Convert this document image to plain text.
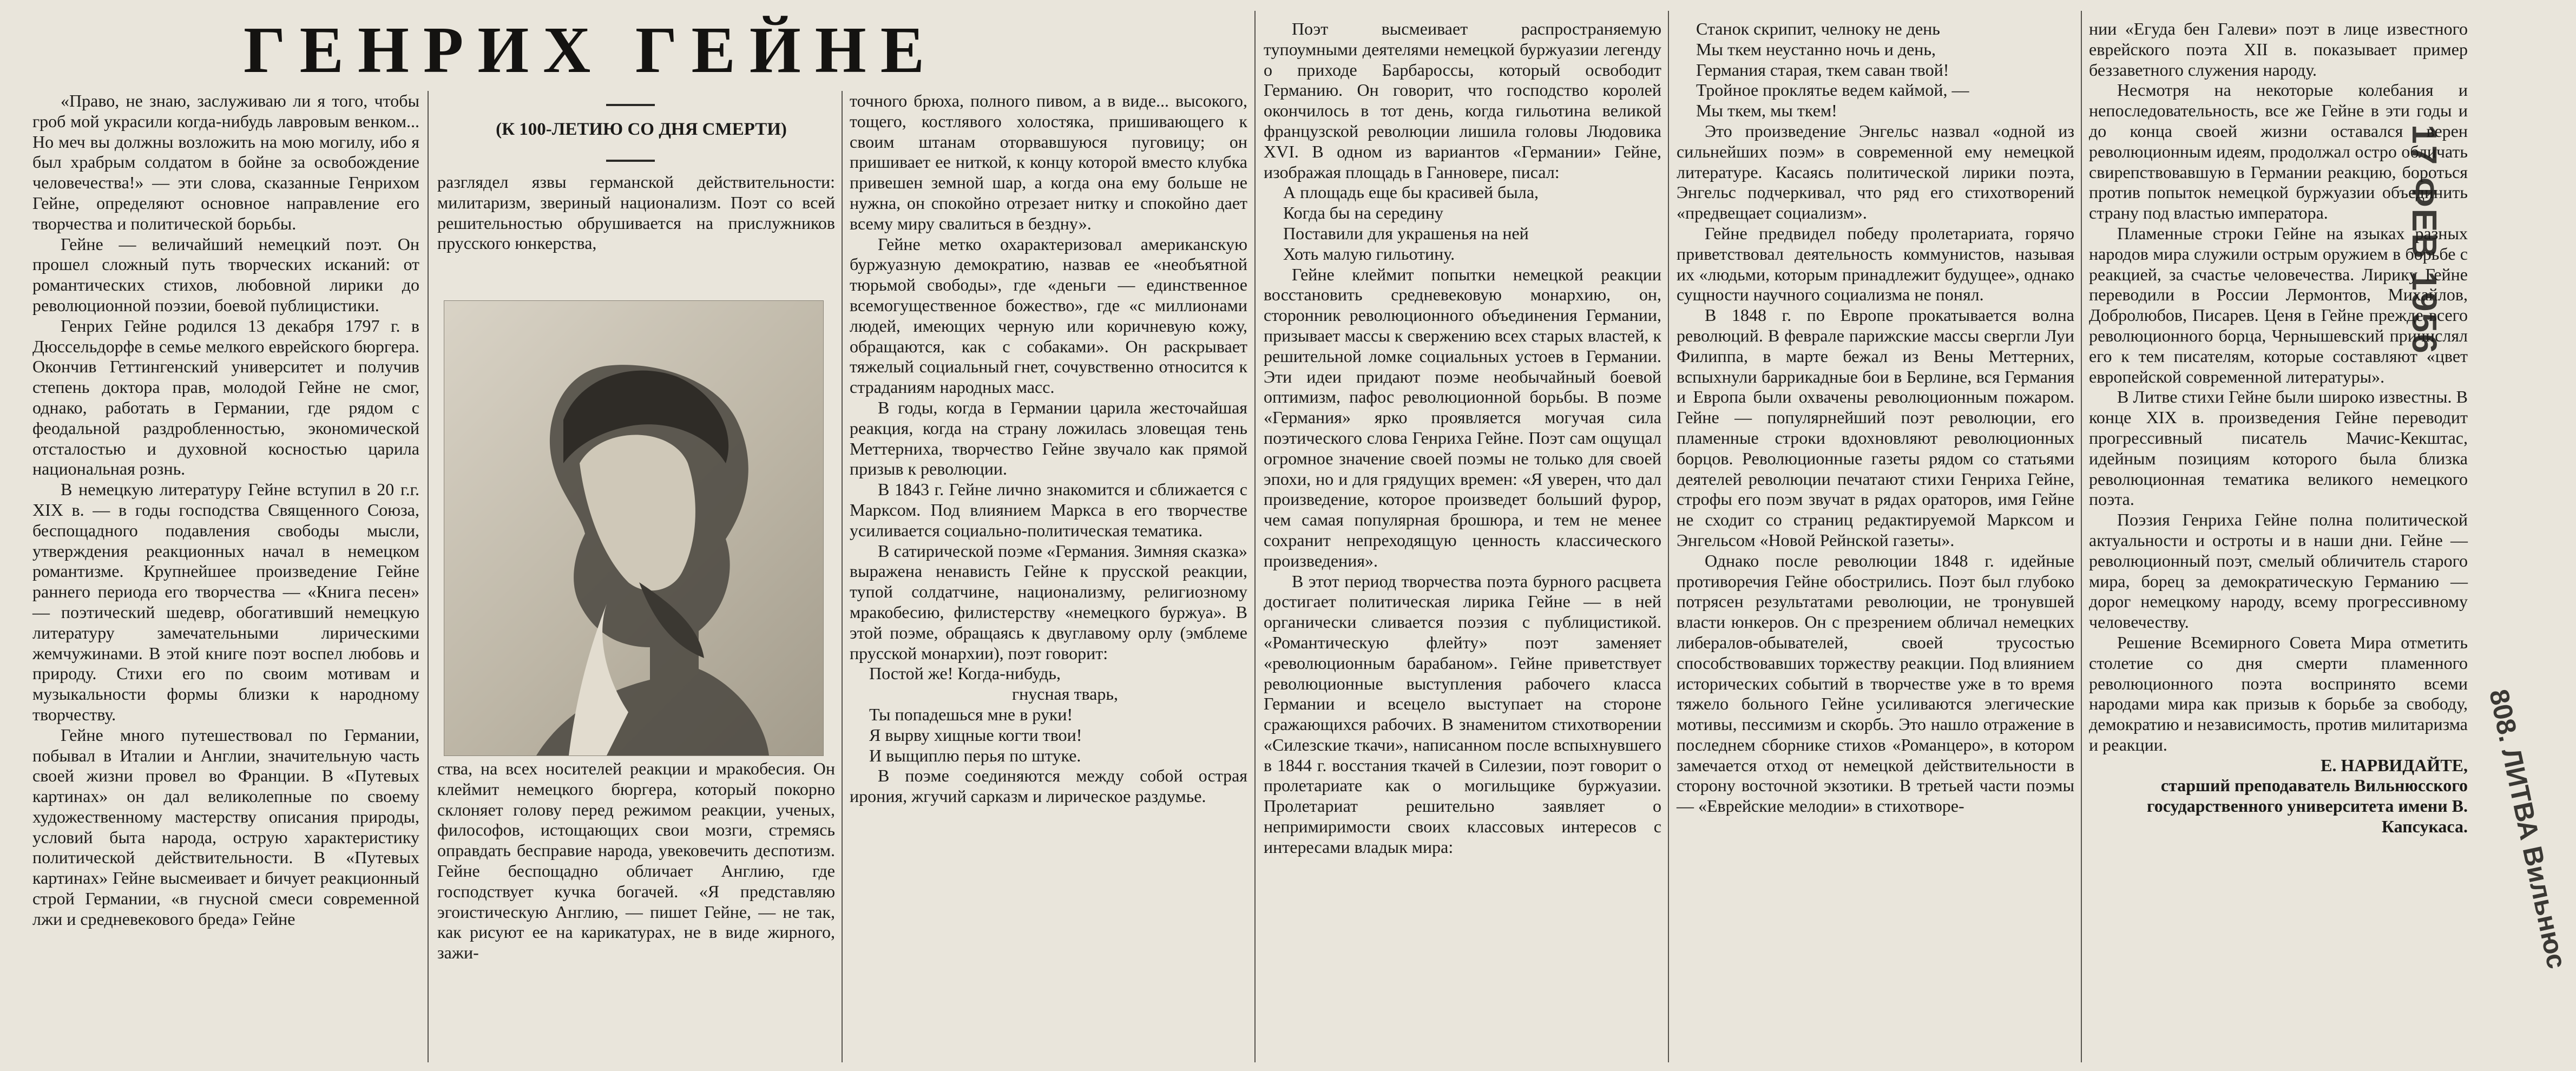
ГЕНРИХ ГЕЙНЕ
(К 100-ЛЕТИЮ СО ДНЯ СМЕРТИ)	17 ФЕВ 1956
808. ЛИТВА Вильнюс

«Право, не знаю, заслуживаю ли я того, чтобы гроб мой украсили когда-нибудь лавровым венком... Но меч вы должны возложить на мою могилу, ибо я был храбрым солдатом в бойне за освобождение человечества!» — эти слова, сказанные Генрихом Гейне, определяют основное направление его творчества и политической борьбы.

Гейне — величайший немецкий поэт. Он прошел сложный путь творческих исканий: от романтических стихов, любовной лирики до революционной поэзии, боевой публицистики.

Генрих Гейне родился 13 декабря 1797 г. в Дюссельдорфе в семье мелкого еврейского бюргера. Окончив Геттингенский университет и получив степень доктора прав, молодой Гейне не смог, однако, работать в Германии, где рядом с феодальной раздробленностью, экономической отсталостью и духовной косностью царила национальная рознь.

В немецкую литературу Гейне вступил в 20 г.г. XIX в. — в годы господства Священного Союза, беспощадного подавления свободы мысли, утверждения реакционных начал в немецком романтизме. Крупнейшее произведение Гейне раннего периода его творчества — «Книга песен» — поэтический шедевр, обогативший немецкую литературу замечательными лирическими жемчужинами. В этой книге поэт воспел любовь и природу. Стихи его по своим мотивам и музыкальности формы близки к народному творчеству.

Гейне много путешествовал по Германии, побывал в Италии и Англии, значительную часть своей жизни провел во Франции. В «Путевых картинах» он дал великолепные по своему художественному мастерству описания природы, условий быта народа, острую характеристику политической действительности. В «Путевых картинах» Гейне высмеивает и бичует реакционный строй Германии, «в гнусной смеси современной лжи и средневекового бреда» Гейне

разглядел язвы германской действительности: милитаризм, звериный национализм. Поэт со всей решительностью обрушивается на прислужников прусского юнкерства,

ства, на всех носителей реакции и мракобесия. Он клеймит немецкого бюргера, который покорно склоняет голову перед режимом реакции, ученых, философов, истощающих свои мозги, стремясь оправдать бесправие народа, увековечить деспотизм. Гейне беспощадно обличает Англию, где господствует кучка богачей. «Я представляю эгоистическую Англию, — пишет Гейне, — не так, как рисуют ее на карикатурах, не в виде жирного, зажи-

точного брюха, полного пивом, а в виде... высокого, тощего, костлявого холостяка, пришивающего к своим штанам оторвавшуюся пуговицу; он пришивает ее ниткой, к концу которой вместо клубка привешен земной шар, а когда она ему больше не нужна, он спокойно отрезает нитку и спокойно дает всему миру свалиться в бездну».

Гейне метко охарактеризовал американскую буржуазную демократию, назвав ее «необъятной тюрьмой свободы», где «деньги — единственное всемогущественное божество», где «с миллионами людей, имеющих черную или коричневую кожу, обращаются, как с собаками». Он раскрывает тяжелый социальный гнет, сочувственно относится к страданиям народных масс.

В годы, когда в Германии царила жесточайшая реакция, когда на страну ложилась зловещая тень Меттерниха, творчество Гейне звучало как прямой призыв к революции.

В 1843 г. Гейне лично знакомится и сближается с Марксом. Под влиянием Маркса в его творчестве усиливается социально-политическая тематика.

В сатирической поэме «Германия. Зимняя сказка» выражена ненависть Гейне к прусской реакции, тупой солдатчине, национализму, религиозному мракобесию, филистерству «немецкого буржуа». В этой поэме, обращаясь к двуглавому орлу (эмблеме прусской монархии), поэт говорит:

Постой же! Когда-нибудь,

гнусная тварь,

Ты попадешься мне в руки!

Я вырву хищные когти твои!

И выщиплю перья по штуке.

В поэме соединяются между собой острая ирония, жгучий сарказм и лирическое раздумье.

Поэт высмеивает распространяемую тупоумными деятелями немецкой буржуазии легенду о приходе Барбароссы, который освободит Германию. Он говорит, что господство королей окончилось в тот день, когда гильотина великой французской революции лишила головы Людовика XVI. В одном из вариантов «Германии» Гейне, изображая площадь в Ганновере, писал:

А площадь еще бы красивей была,

Когда бы на середину

Поставили для украшенья на ней

Хоть малую гильотину.

Гейне клеймит попытки немецкой реакции восстановить средневековую монархию, он, сторонник революционного объединения Германии, призывает массы к свержению всех старых властей, к решительной ломке социальных устоев в Германии. Эти идеи придают поэме необычайный боевой оптимизм, пафос революционной борьбы. В поэме «Германия» ярко проявляется могучая сила поэтического слова Генриха Гейне. Поэт сам ощущал огромное значение своей поэмы не только для своей эпохи, но и для грядущих времен: «Я уверен, что дал произведение, которое произведет больший фурор, чем самая популярная брошюра, и тем не менее сохранит непреходящую ценность классического произведения».

В этот период творчества поэта бурного расцвета достигает политическая лирика Гейне — в ней органически сливается поэзия с публицистикой. «Романтическую флейту» поэт заменяет «революционным барабаном». Гейне приветствует революционные выступления рабочего класса Германии и всецело выступает на стороне сражающихся рабочих. В знаменитом стихотворении «Силезские ткачи», написанном после вспыхнувшего в 1844 г. восстания ткачей в Силезии, поэт говорит о пролетариате как о могильщике буржуазии. Пролетариат решительно заявляет о непримиримости своих классовых интересов с интересами владык мира:

Станок скрипит, челноку не день

Мы ткем неустанно ночь и день,

Германия старая, ткем саван твой!

Тройное проклятье ведем каймой, —

Мы ткем, мы ткем!

Это произведение Энгельс назвал «одной из сильнейших поэм» в современной ему немецкой литературе. Касаясь политической лирики поэта, Энгельс подчеркивал, что ряд его стихотворений «предвещает социализм».

Гейне предвидел победу пролетариата, горячо приветствовал деятельность коммунистов, называя их «людьми, которым принадлежит будущее», однако сущности научного социализма не понял.

В 1848 г. по Европе прокатывается волна революций. В феврале парижские массы свергли Луи Филиппа, в марте бежал из Вены Меттерних, вспыхнули баррикадные бои в Берлине, вся Германия и Европа были охвачены революционным пожаром. Гейне — популярнейший поэт революции, его пламенные строки вдохновляют революционных борцов. Революционные газеты рядом со статьями деятелей революции печатают стихи Генриха Гейне, строфы его поэм звучат в рядах ораторов, имя Гейне не сходит со страниц редактируемой Марксом и Энгельсом «Новой Рейнской газеты».

Однако после революции 1848 г. идейные противоречия Гейне обострились. Поэт был глубоко потрясен результатами революции, не тронувшей власти юнкеров. Он с презрением обличал немецких либералов-обывателей, своей трусостью способствовавших торжеству реакции. Под влиянием исторических событий в творчестве уже в то время тяжело больного Гейне усиливаются элегические мотивы, пессимизм и скорбь. Это нашло отражение в последнем сборнике стихов «Романцеро», в котором замечается отход от немецкой действительности в сторону восточной экзотики. В третьей части поэмы — «Еврейские мелодии» в стихотворе-

нии «Егуда бен Галеви» поэт в лице известного еврейского поэта XII в. показывает пример беззаветного служения народу.

Несмотря на некоторые колебания и непоследовательность, все же Гейне в эти годы и до конца своей жизни оставался верен революционным идеям, продолжал остро обличать свирепствовавшую в Германии реакцию, бороться против попыток немецкой буржуазии объединить страну под властью императора.

Пламенные строки Гейне на языках разных народов мира служили острым оружием в борьбе с реакцией, за счастье человечества. Лирику Гейне переводили в России Лермонтов, Михайлов, Добролюбов, Писарев. Ценя в Гейне прежде всего революционного борца, Чернышевский причислял его к тем писателям, которые составляют «цвет европейской современной литературы».

В Литве стихи Гейне были широко известны. В конце XIX в. произведения Гейне переводит прогрессивный писатель Мачис-Кекштас, идейным позициям которого была близка революционная тематика великого немецкого поэта.

Поэзия Генриха Гейне полна политической актуальности и остроты и в наши дни. Гейне — революционный поэт, смелый обличитель старого мира, борец за демократическую Германию — дорог немецкому народу, всему прогрессивному человечеству.

Решение Всемирного Совета Мира отметить столетие со дня смерти пламенного революционного поэта воспринято всеми народами мира как призыв к борьбе за свободу, демократию и независимость, против милитаризма и реакции.

Е. НАРВИДАЙТЕ,

старший преподаватель Вильнюсского государственного университета имени В. Капсукаса.
